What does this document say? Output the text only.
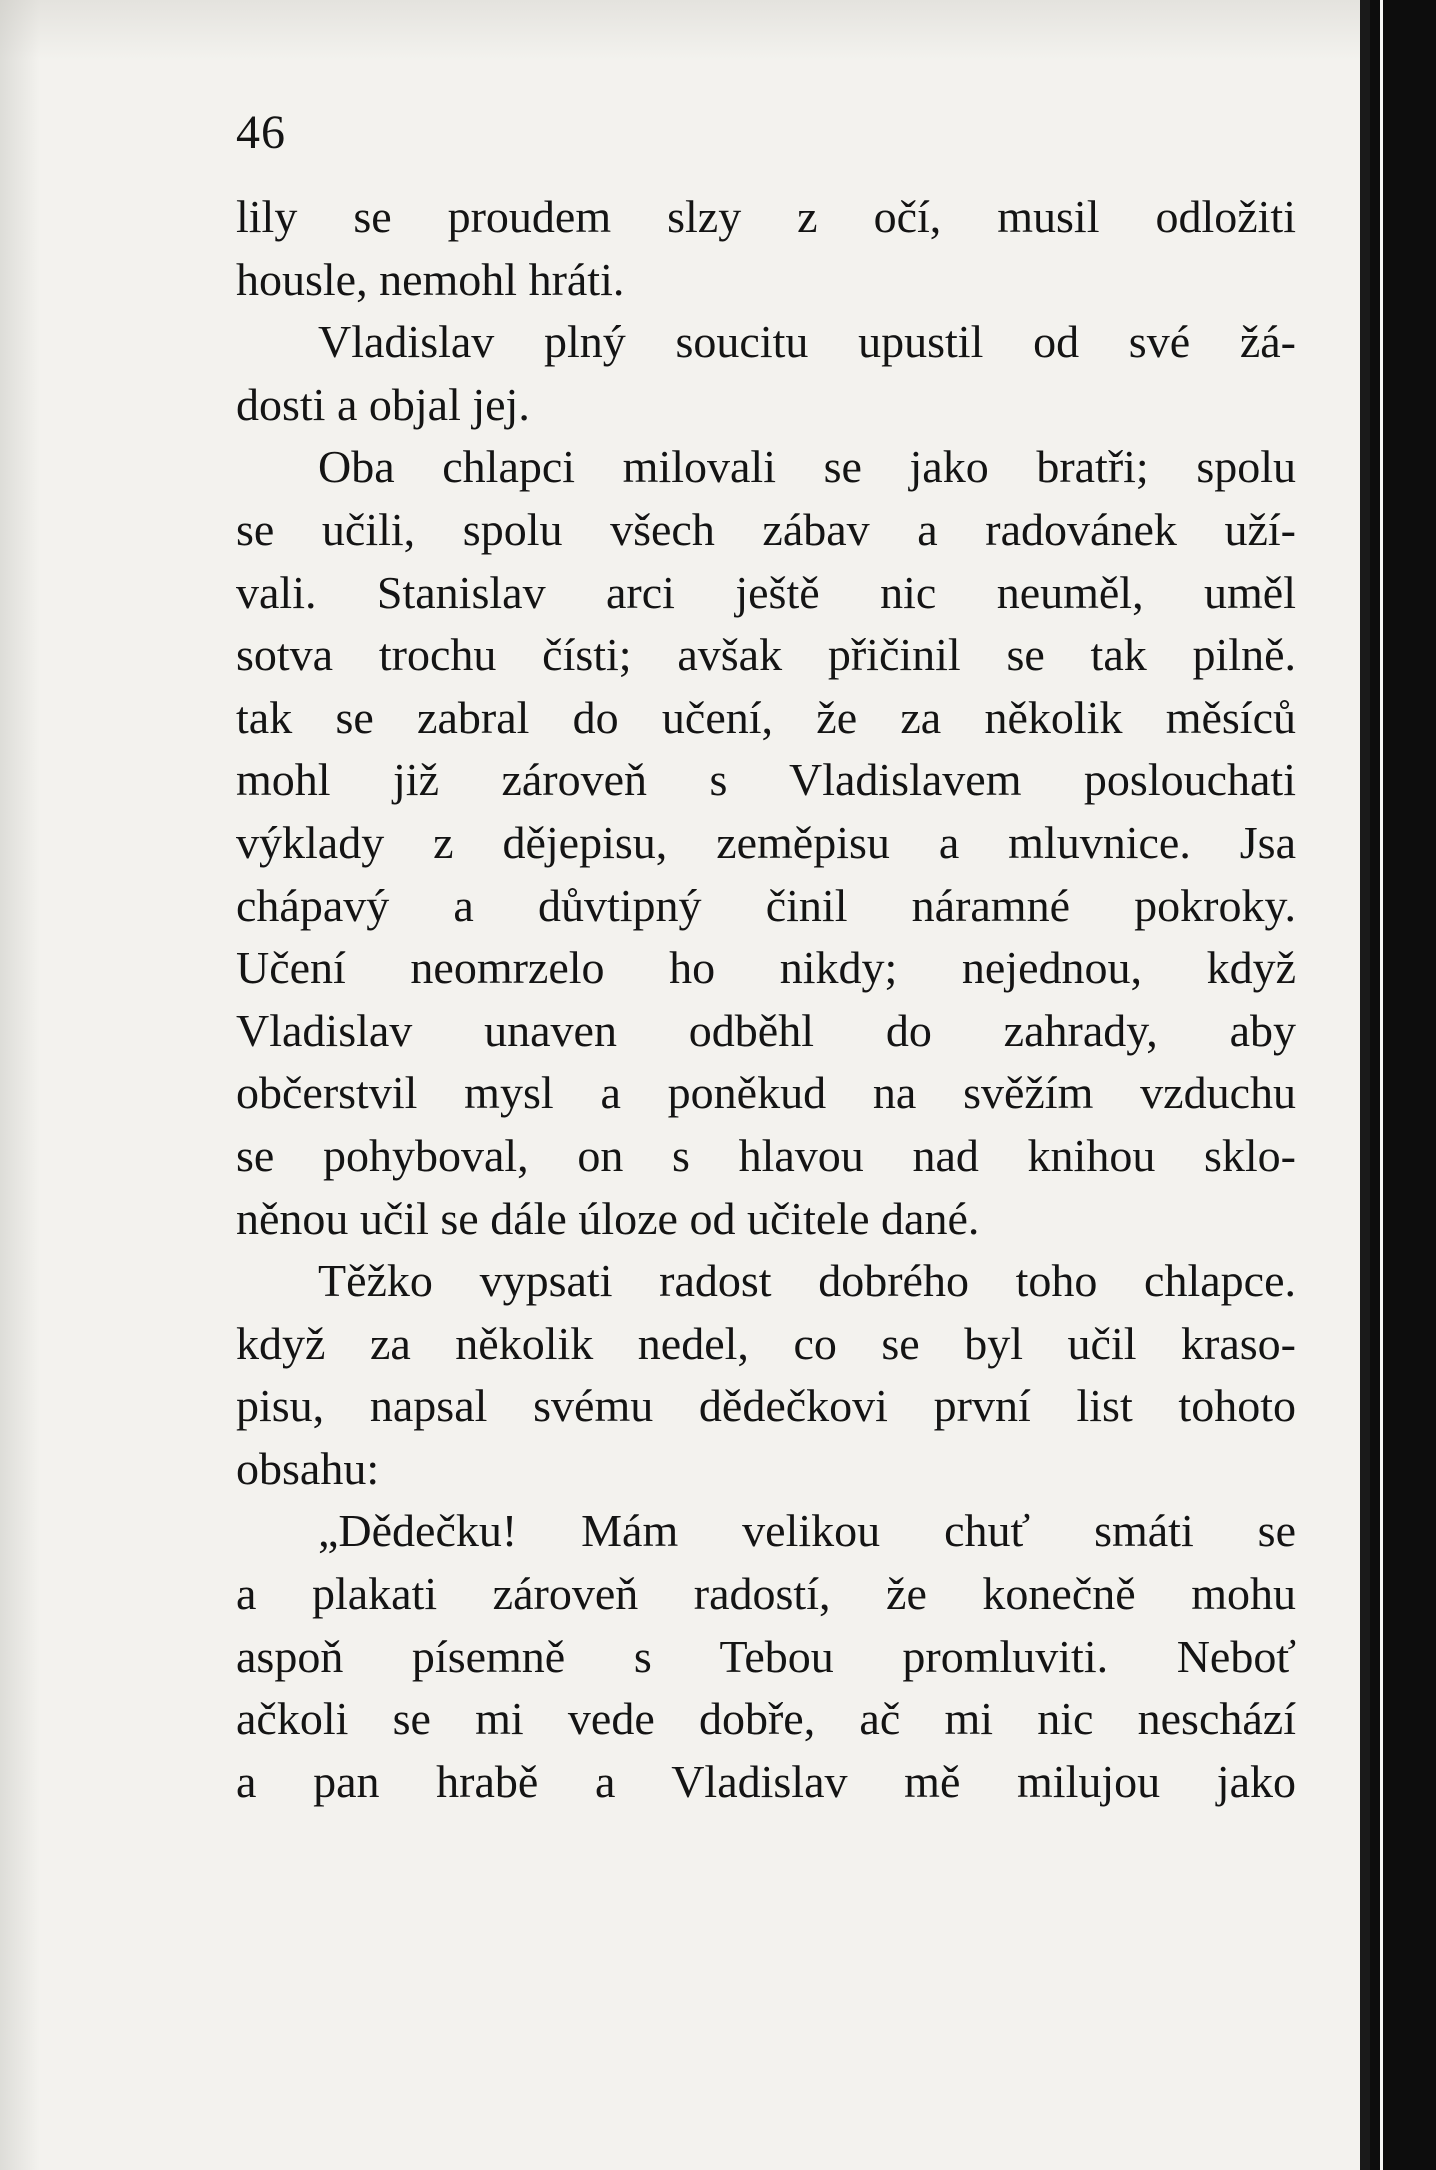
46
lily se proudem slzy z očí, musil odložiti
housle, nemohl hráti.
Vladislav plný soucitu upustil od své žá-
dosti a objal jej.
Oba chlapci milovali se jako bratři; spolu
se učili, spolu všech zábav a radovánek uží-
vali. Stanislav arci ještě nic neuměl, uměl
sotva trochu čísti; avšak přičinil se tak pilně.
tak se zabral do učení, že za několik měsíců
mohl již zároveň s Vladislavem poslouchati
výklady z dějepisu, zeměpisu a mluvnice. Jsa
chápavý a důvtipný činil náramné pokroky.
Učení neomrzelo ho nikdy; nejednou, když
Vladislav unaven odběhl do zahrady, aby
občerstvil mysl a poněkud na svěžím vzduchu
se pohyboval, on s hlavou nad knihou sklo-
něnou učil se dále úloze od učitele dané.
Těžko vypsati radost dobrého toho chlapce.
když za několik nedel, co se byl učil kraso-
pisu, napsal svému dědečkovi první list tohoto
obsahu:
„Dědečku! Mám velikou chuť smáti se
a plakati zároveň radostí, že konečně mohu
aspoň písemně s Tebou promluviti. Neboť
ačkoli se mi vede dobře, ač mi nic neschází
a pan hrabě a Vladislav mě milujou jako
